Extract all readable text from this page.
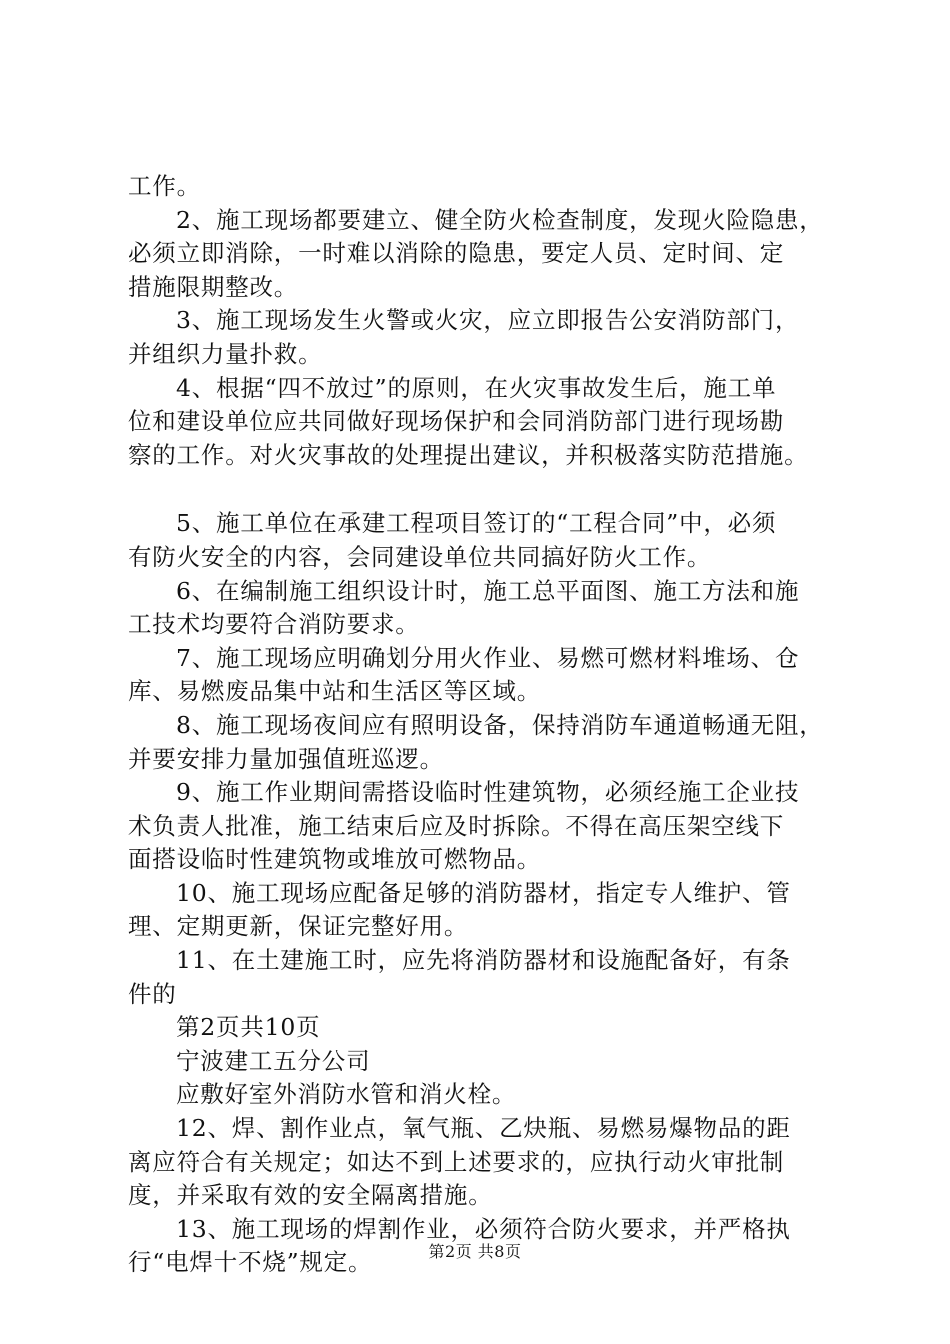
工作。
2、施工现场都要建立、健全防火检查制度，发现火险隐患，
必须立即消除，一时难以消除的隐患，要定人员、定时间、定
措施限期整改。
3、施工现场发生火警或火灾，应立即报告公安消防部门，
并组织力量扑救。
4、根据“四不放过”的原则，在火灾事故发生后，施工单
位和建设单位应共同做好现场保护和会同消防部门进行现场勘
察的工作。对火灾事故的处理提出建议，并积极落实防范措施。
5、施工单位在承建工程项目签订的“工程合同”中，必须
有防火安全的内容，会同建设单位共同搞好防火工作。
6、在编制施工组织设计时，施工总平面图、施工方法和施
工技术均要符合消防要求。
7、施工现场应明确划分用火作业、易燃可燃材料堆场、仓
库、易燃废品集中站和生活区等区域。
8、施工现场夜间应有照明设备，保持消防车通道畅通无阻，
并要安排力量加强值班巡逻。
9、施工作业期间需搭设临时性建筑物，必须经施工企业技
术负责人批准，施工结束后应及时拆除。不得在高压架空线下
面搭设临时性建筑物或堆放可燃物品。
10、施工现场应配备足够的消防器材，指定专人维护、管
理、定期更新，保证完整好用。
11、在土建施工时，应先将消防器材和设施配备好，有条
件的
第2页共10页
宁波建工五分公司
应敷好室外消防水管和消火栓。
12、焊、割作业点，氧气瓶、乙炔瓶、易燃易爆物品的距
离应符合有关规定；如达不到上述要求的，应执行动火审批制
度，并采取有效的安全隔离措施。
13、施工现场的焊割作业，必须符合防火要求，并严格执
行“电焊十不烧”规定。	第2页 共8页
